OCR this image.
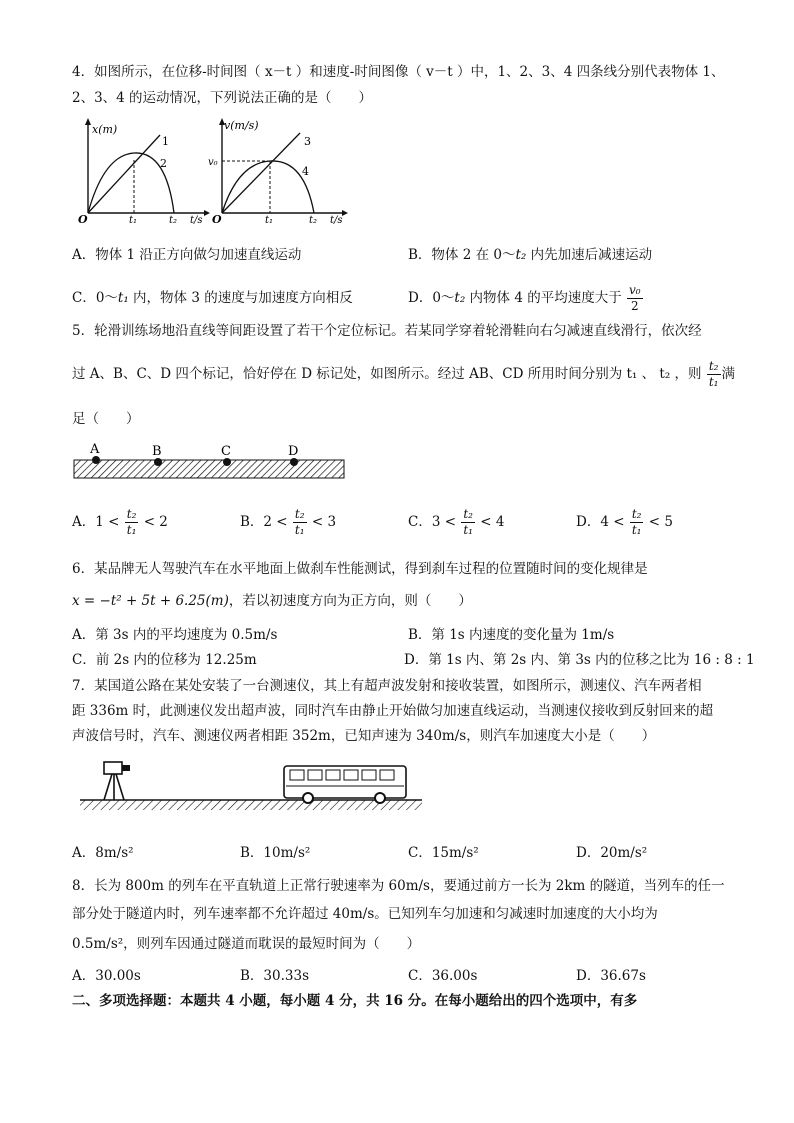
4．如图所示，在位移-时间图（ x－t ）和速度-时间图像（ v－t ）中，1、2、3、4 四条线分别代表物体 1、
2、3、4 的运动情况，下列说法正确的是（　　）
x(m)
1
2
O	t₁	t₂ t/s
v(m/s)
v₀
3
4
O	t₁	t₂ t/s
A．物体 1 沿正方向做匀加速直线运动	B．物体 2 在 0～t₂ 内先加速后减速运动
C．0～t₁ 内，物体 3 的速度与加速度方向相反	D．0～t₂ 内物体 4 的平均速度大于 $\frac{\text{v₀}}{2}$
5．轮滑训练场地沿直线等间距设置了若干个定位标记。若某同学穿着轮滑鞋向右匀减速直线滑行，依次经
过 A、B、C、D 四个标记，恰好停在 D 标记处，如图所示。经过 AB、CD 所用时间分别为 t₁ 、 t₂ ，则 $\frac{\text{t₂}}{\text{t₁}}$ 满
足（　　）
A	B	C	D
A．$1 < \frac{\text{t₂}}{\text{t₁}} < 2$	B．$2 < \frac{\text{t₂}}{\text{t₁}} < 3$	C．$3 < \frac{\text{t₂}}{\text{t₁}} < 4$	D．$4 < \frac{\text{t₂}}{\text{t₁}} < 5$
6．某品牌无人驾驶汽车在水平地面上做刹车性能测试，得到刹车过程的位置随时间的变化规律是
x = −t² + 5t + 6.25(m)，若以初速度方向为正方向，则（　　）
A．第 3s 内的平均速度为 0.5m/s	B．第 1s 内速度的变化量为 1m/s
C．前 2s 内的位移为 12.25m	D．第 1s 内、第 2s 内、第 3s 内的位移之比为 16 : 8 : 1
7．某国道公路在某处安装了一台测速仪，其上有超声波发射和接收装置，如图所示，测速仪、汽车两者相
距 336m 时，此测速仪发出超声波，同时汽车由静止开始做匀加速直线运动，当测速仪接收到反射回来的超
声波信号时，汽车、测速仪两者相距 352m，已知声速为 340m/s，则汽车加速度大小是（　　）
A．8m/s²	B．10m/s²	C．15m/s²	D．20m/s²
8．长为 800m 的列车在平直轨道上正常行驶速率为 60m/s，要通过前方一长为 2km 的隧道，当列车的任一
部分处于隧道内时，列车速率都不允许超过 40m/s。已知列车匀加速和匀减速时加速度的大小均为
0.5m/s²，则列车因通过隧道而耽误的最短时间为（　　）
A．30.00s	B．30.33s	C．36.00s	D．36.67s
二、多项选择题：本题共 4 小题，每小题 4 分，共 16 分。在每小题给出的四个选项中，有多
